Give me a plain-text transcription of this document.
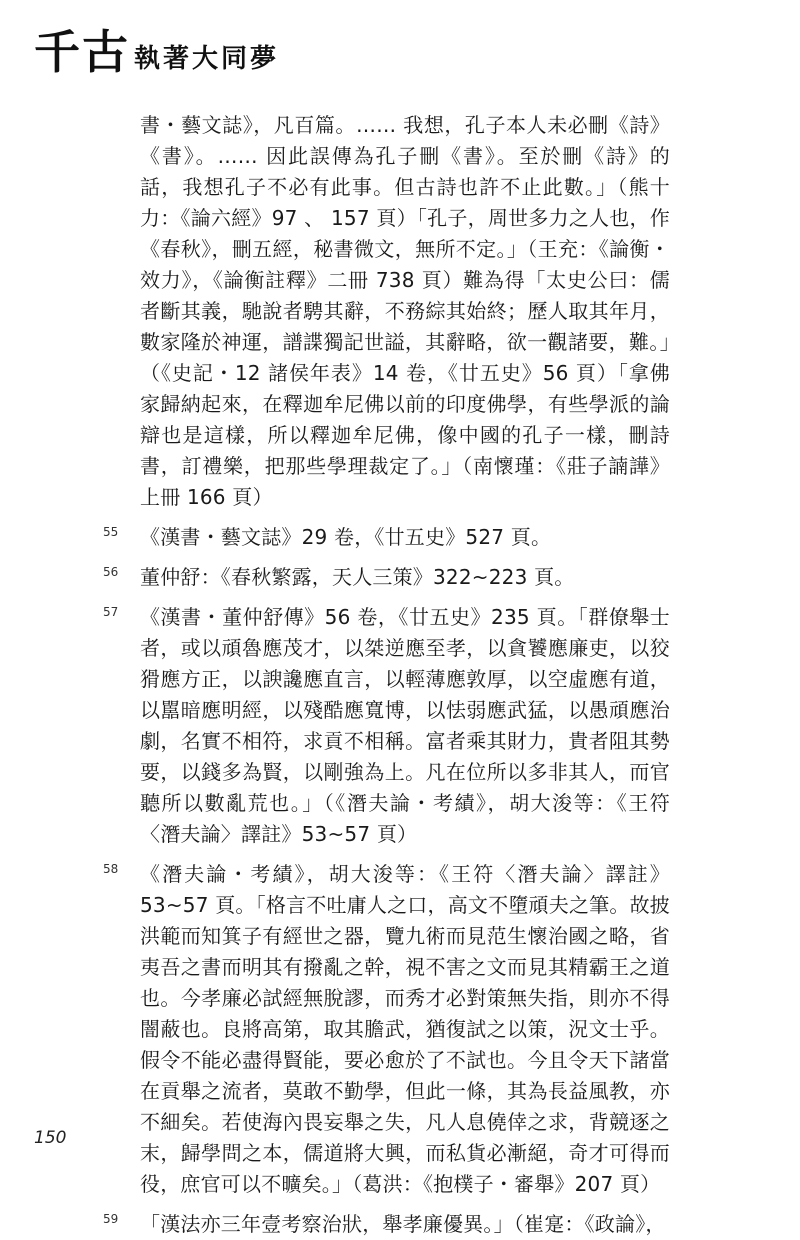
千古 執著大同夢

書・藝文誌》，凡百篇。…… 我想，孔子本人未必刪《詩》《書》。…… 因此誤傳為孔子刪《書》。至於刪《詩》的話，我想孔子不必有此事。但古詩也許不止此數。」（熊十力：《論六經》97 、 157 頁）「孔子，周世多力之人也，作《春秋》，刪五經，秘書微文，無所不定。」（王充：《論衡・效力》，《論衡註釋》二冊 738 頁）難為得「太史公曰：儒者斷其義，馳說者騁其辭，不務綜其始終；歷人取其年月，數家隆於神運，譜諜獨記世謚，其辭略，欲一觀諸要，難。」（《史記・12 諸侯年表》14 卷，《廿五史》56 頁）「拿佛家歸納起來，在釋迦牟尼佛以前的印度佛學，有些學派的論辯也是這樣，所以釋迦牟尼佛，像中國的孔子一樣，刪詩書，訂禮樂，把那些學理裁定了。」（南懷瑾：《莊子諵譁》上冊 166 頁）

55 《漢書・藝文誌》29 卷，《廿五史》527 頁。

56 董仲舒：《春秋繁露，天人三策》322~223 頁。

57 《漢書・董仲舒傳》56 卷，《廿五史》235 頁。「群僚舉士者，或以頑魯應茂才，以桀逆應至孝，以貪饕應廉吏，以狡猾應方正，以諛讒應直言，以輕薄應敦厚，以空虛應有道，以嚚暗應明經，以殘酷應寬博，以怯弱應武猛，以愚頑應治劇，名實不相符，求貢不相稱。富者乘其財力，貴者阻其勢要，以錢多為賢，以剛強為上。凡在位所以多非其人，而官聽所以數亂荒也。」（《潛夫論・考績》，胡大浚等：《王符〈潛夫論〉譯註》53~57 頁）

58 《潛夫論・考績》，胡大浚等：《王符〈潛夫論〉譯註》53~57 頁。「格言不吐庸人之口，高文不墮頑夫之筆。故披洪範而知箕子有經世之器，覽九術而見范生懷治國之略，省夷吾之書而明其有撥亂之幹，視不害之文而見其精霸王之道也。今孝廉必試經無脫謬，而秀才必對策無失指，則亦不得闇蔽也。良將高第，取其膽武，猶復試之以策，況文士乎。假令不能必盡得賢能，要必愈於了不試也。今且令天下諸當在貢舉之流者，莫敢不勤學，但此一條，其為長益風教，亦不細矣。若使海內畏妄舉之失，凡人息僥倖之求，背競逐之末，歸學問之本，儒道將大興，而私貨必漸絕，奇才可得而役，庶官可以不曠矣。」（葛洪：《抱樸子・審舉》207 頁）

59 「漢法亦三年壹考察治狀，舉孝廉優異。」（崔寔：《政論》，

150
